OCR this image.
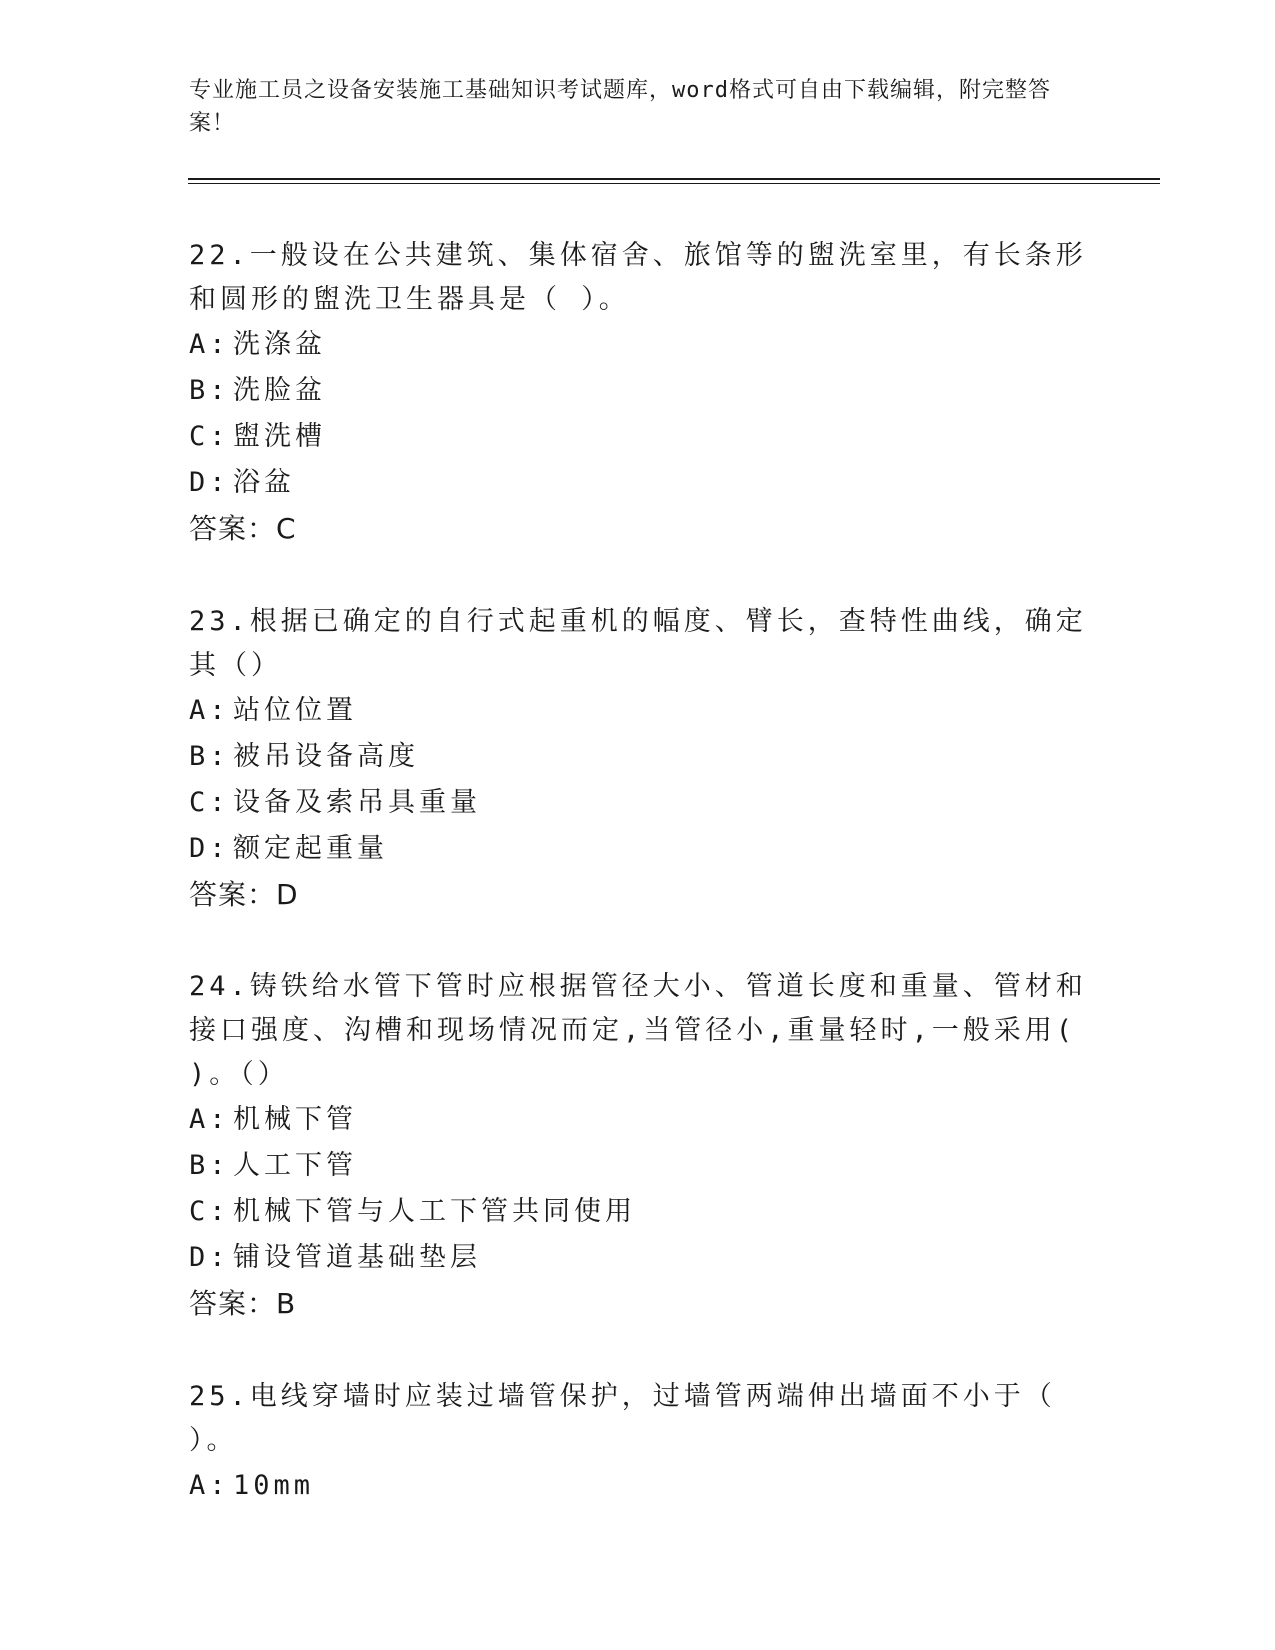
专业施工员之设备安装施工基础知识考试题库，word格式可自由下载编辑，附完整答案！

22.一般设在公共建筑、集体宿舍、旅馆等的盥洗室里，有长条形和圆形的盥洗卫生器具是（ ）。

A: 洗涤盆

B: 洗脸盆

C: 盥洗槽

D: 浴盆

答案：C

23.根据已确定的自行式起重机的幅度、臂长，查特性曲线，确定其（）

A: 站位位置

B: 被吊设备高度

C: 设备及索吊具重量

D: 额定起重量

答案：D

24.铸铁给水管下管时应根据管径大小、管道长度和重量、管材和接口强度、沟槽和现场情况而定,当管径小,重量轻时,一般采用( )。（）

A: 机械下管

B: 人工下管

C: 机械下管与人工下管共同使用

D: 铺设管道基础垫层

答案：B

25.电线穿墙时应装过墙管保护，过墙管两端伸出墙面不小于（ ）。

A: 10mm
